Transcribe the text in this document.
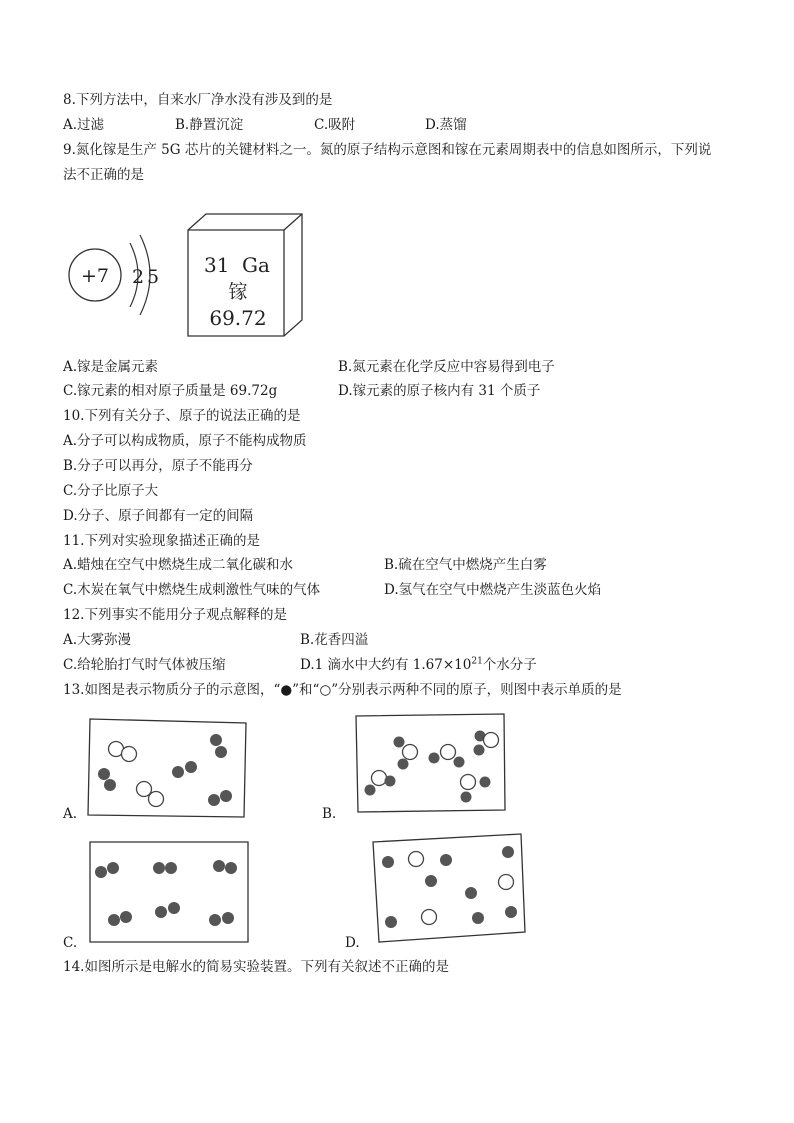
8.下列方法中，自来水厂净水没有涉及到的是
A.过滤	B.静置沉淀	C.吸附	D.蒸馏
9.氮化镓是生产 5G 芯片的关键材料之一。氮的原子结构示意图和镓在元素周期表中的信息如图所示，下列说
法不正确的是
+7 2 5 31 Ga
镓
69.72
A.镓是金属元素	B.氮元素在化学反应中容易得到电子
C.镓元素的相对原子质量是 69.72g	D.镓元素的原子核内有 31 个质子
10.下列有关分子、原子的说法正确的是
A.分子可以构成物质，原子不能构成物质
B.分子可以再分，原子不能再分
C.分子比原子大
D.分子、原子间都有一定的间隔
11.下列对实验现象描述正确的是
A.蜡烛在空气中燃烧生成二氧化碳和水	B.硫在空气中燃烧产生白雾
C.木炭在氧气中燃烧生成刺激性气味的气体	D.氢气在空气中燃烧产生淡蓝色火焰
12.下列事实不能用分子观点解释的是
A.大雾弥漫	B.花香四溢
C.给轮胎打气时气体被压缩	D.1 滴水中大约有 $1.67\times 10^{21}$个水分子
13.如图是表示物质分子的示意图，“●”和“○”分别表示两种不同的原子，则图中表示单质的是
A.	B.
C.	D.
14.如图所示是电解水的简易实验装置。下列有关叙述不正确的是
